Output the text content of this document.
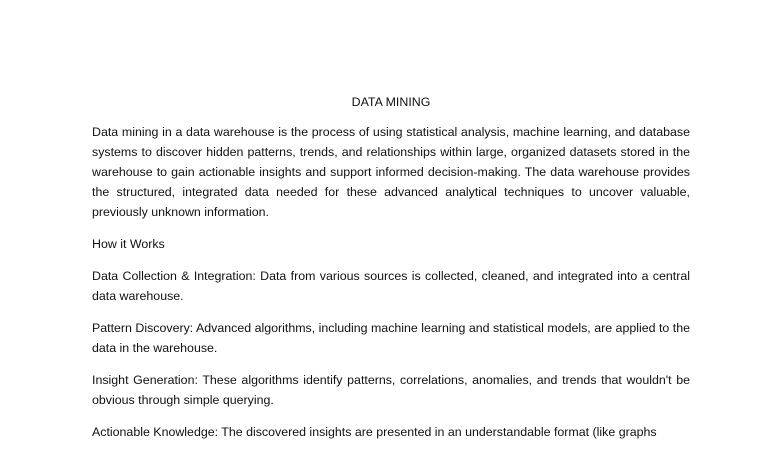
DATA MINING

Data mining in a data warehouse is the process of using statistical analysis, machine learning, and database systems to discover hidden patterns, trends, and relationships within large, organized datasets stored in the warehouse to gain actionable insights and support informed decision-making. The data warehouse provides the structured, integrated data needed for these advanced analytical techniques to uncover valuable, previously unknown information.

How it Works

Data Collection & Integration: Data from various sources is collected, cleaned, and integrated into a central data warehouse.

Pattern Discovery: Advanced algorithms, including machine learning and statistical models, are applied to the data in the warehouse.

Insight Generation: These algorithms identify patterns, correlations, anomalies, and trends that wouldn't be obvious through simple querying.

Actionable Knowledge: The discovered insights are presented in an understandable format (like graphs
